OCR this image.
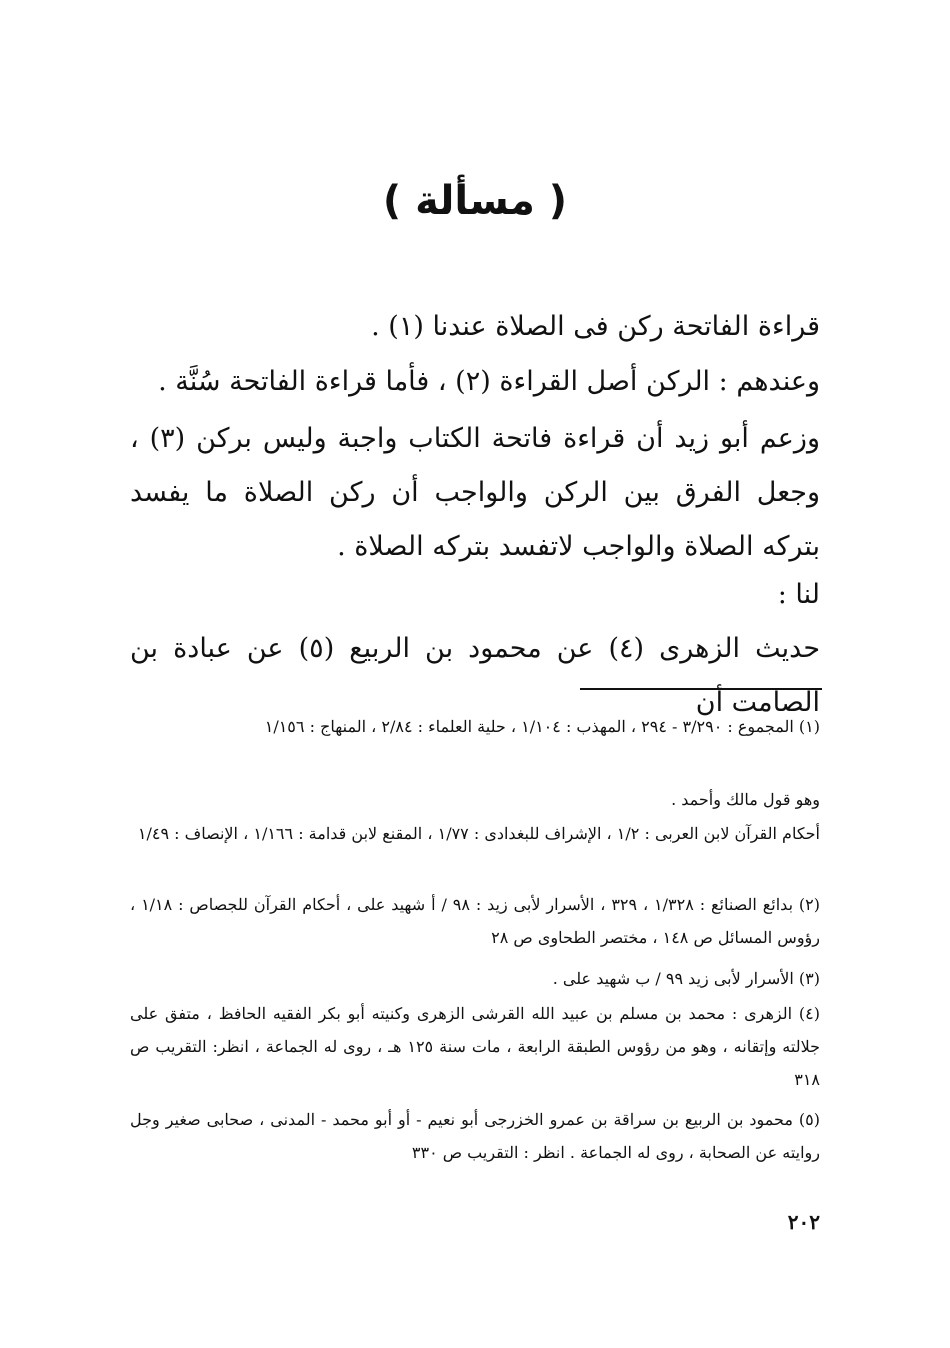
( مسألة )
قراءة الفاتحة ركن فى الصلاة عندنا (١) .
وعندهم : الركن أصل القراءة (٢) ، فأما قراءة الفاتحة سُنَّة .
وزعم أبو زيد أن قراءة فاتحة الكتاب واجبة وليس بركن (٣) ، وجعل الفرق بين الركن والواجب أن ركن الصلاة ما يفسد بتركه الصلاة والواجب لاتفسد بتركه الصلاة .
لنا :
حديث الزهرى (٤) عن محمود بن الربيع (٥) عن عبادة بن الصامت أن
(١) المجموع : ٣/٢٩٠ - ٢٩٤ ، المهذب : ١/١٠٤ ، حلية العلماء : ٢/٨٤ ، المنهاج : ١/١٥٦
وهو قول مالك وأحمد .
أحكام القرآن لابن العربى : ١/٢ ، الإشراف للبغدادى : ١/٧٧ ، المقنع لابن قدامة : ١/١٦٦ ، الإنصاف : ١/٤٩
(٢) بدائع الصنائع : ١/٣٢٨ ، ٣٢٩ ، الأسرار لأبى زيد : ٩٨ / أ شهيد على ، أحكام القرآن للجصاص : ١/١٨ ، رؤوس المسائل ص ١٤٨ ، مختصر الطحاوى ص ٢٨
(٣) الأسرار لأبى زيد ٩٩ / ب شهيد على .
(٤) الزهرى : محمد بن مسلم بن عبيد الله القرشى الزهرى وكنيته أبو بكر الفقيه الحافظ ، متفق على جلالته وإتقانه ، وهو من رؤوس الطبقة الرابعة ، مات سنة ١٢٥ هـ ، روى له الجماعة ، انظر: التقريب ص ٣١٨
(٥) محمود بن الربيع بن سراقة بن عمرو الخزرجى أبو نعيم - أو أبو محمد - المدنى ، صحابى صغير وجل روايته عن الصحابة ، روى له الجماعة . انظر : التقريب ص ٣٣٠
٢٠٢
